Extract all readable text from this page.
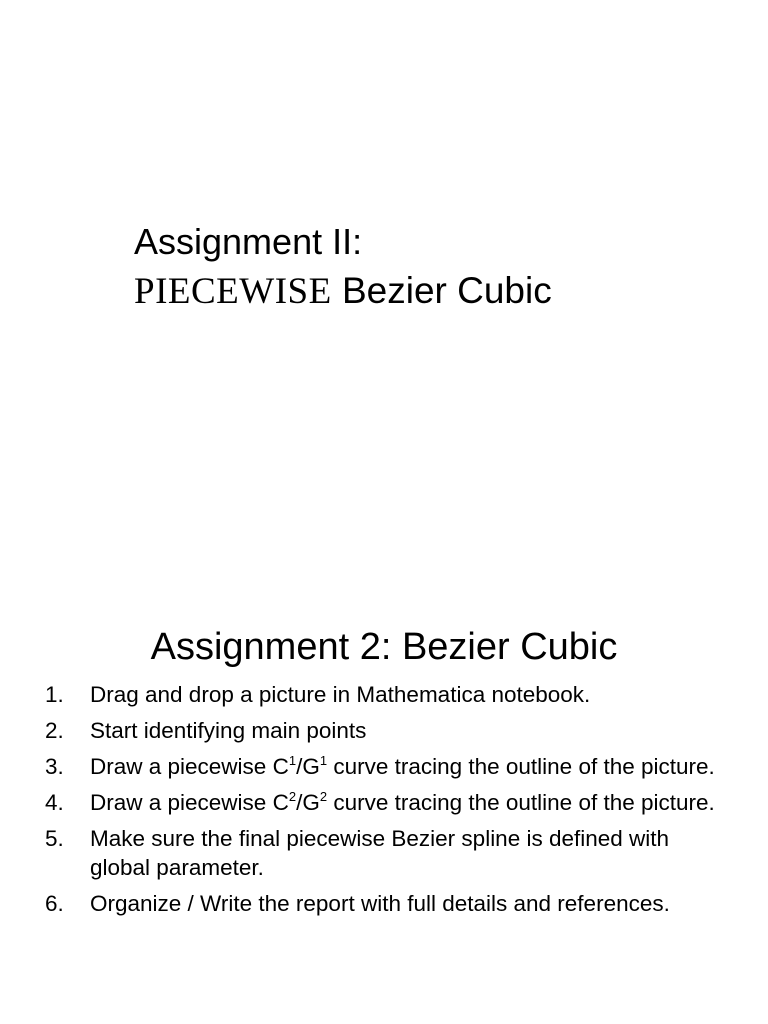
Assignment II:
PIECEWISE Bezier Cubic
Assignment 2: Bezier Cubic
1. Drag and drop a picture in Mathematica notebook.
2. Start identifying main points
3. Draw a piecewise $C^1/G^1$ curve tracing the outline of the picture.
4. Draw a piecewise $C^2/G^2$ curve tracing the outline of the picture.
5. Make sure the final piecewise Bezier spline is defined with global parameter.
6. Organize / Write the report with full details and references.
